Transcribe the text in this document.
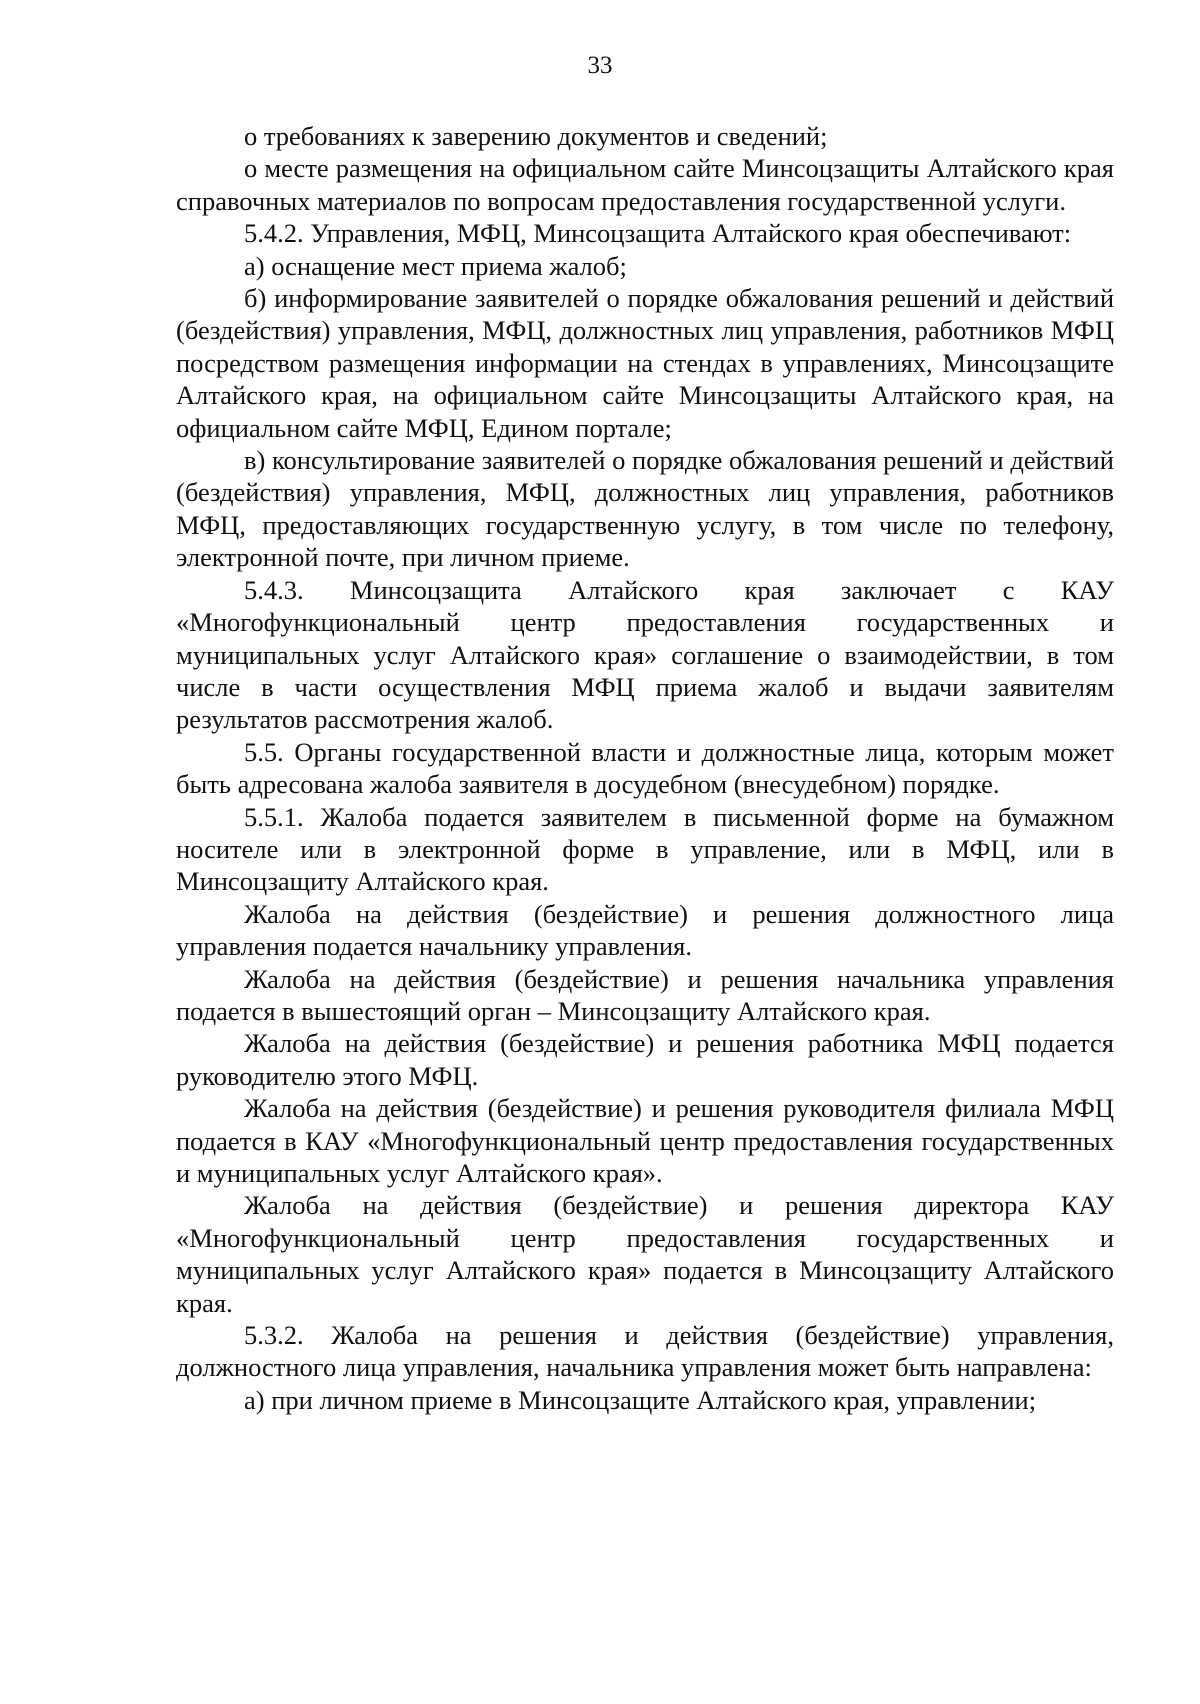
33

о требованиях к заверению документов и сведений;

о месте размещения на официальном сайте Минсоцзащиты Алтайского края справочных материалов по вопросам предоставления государственной услуги.

5.4.2. Управления, МФЦ, Минсоцзащита Алтайского края обеспечивают:

а) оснащение мест приема жалоб;

б) информирование заявителей о порядке обжалования решений и действий (бездействия) управления, МФЦ, должностных лиц управления, работников МФЦ посредством размещения информации на стендах в управлениях, Минсоцзащите Алтайского края, на официальном сайте Минсоцзащиты Алтайского края, на официальном сайте МФЦ, Едином портале;

в) консультирование заявителей о порядке обжалования решений и действий (бездействия) управления, МФЦ, должностных лиц управления, работников МФЦ, предоставляющих государственную услугу, в том числе по телефону, электронной почте, при личном приеме.

5.4.3. Минсоцзащита Алтайского края заключает с КАУ «Многофункциональный центр предоставления государственных и муниципальных услуг Алтайского края» соглашение о взаимодействии, в том числе в части осуществления МФЦ приема жалоб и выдачи заявителям результатов рассмотрения жалоб.

5.5. Органы государственной власти и должностные лица, которым может быть адресована жалоба заявителя в досудебном (внесудебном) порядке.

5.5.1. Жалоба подается заявителем в письменной форме на бумажном носителе или в электронной форме в управление, или в МФЦ, или в Минсоцзащиту Алтайского края.

Жалоба на действия (бездействие) и решения должностного лица управления подается начальнику управления.

Жалоба на действия (бездействие) и решения начальника управления подается в вышестоящий орган – Минсоцзащиту Алтайского края.

Жалоба на действия (бездействие) и решения работника МФЦ подается руководителю этого МФЦ.

Жалоба на действия (бездействие) и решения руководителя филиала МФЦ подается в КАУ «Многофункциональный центр предоставления государственных и муниципальных услуг Алтайского края».

Жалоба на действия (бездействие) и решения директора КАУ «Многофункциональный центр предоставления государственных и муниципальных услуг Алтайского края» подается в Минсоцзащиту Алтайского края.

5.3.2. Жалоба на решения и действия (бездействие) управления, должностного лица управления, начальника управления может быть направлена:

а) при личном приеме в Минсоцзащите Алтайского края, управлении;
